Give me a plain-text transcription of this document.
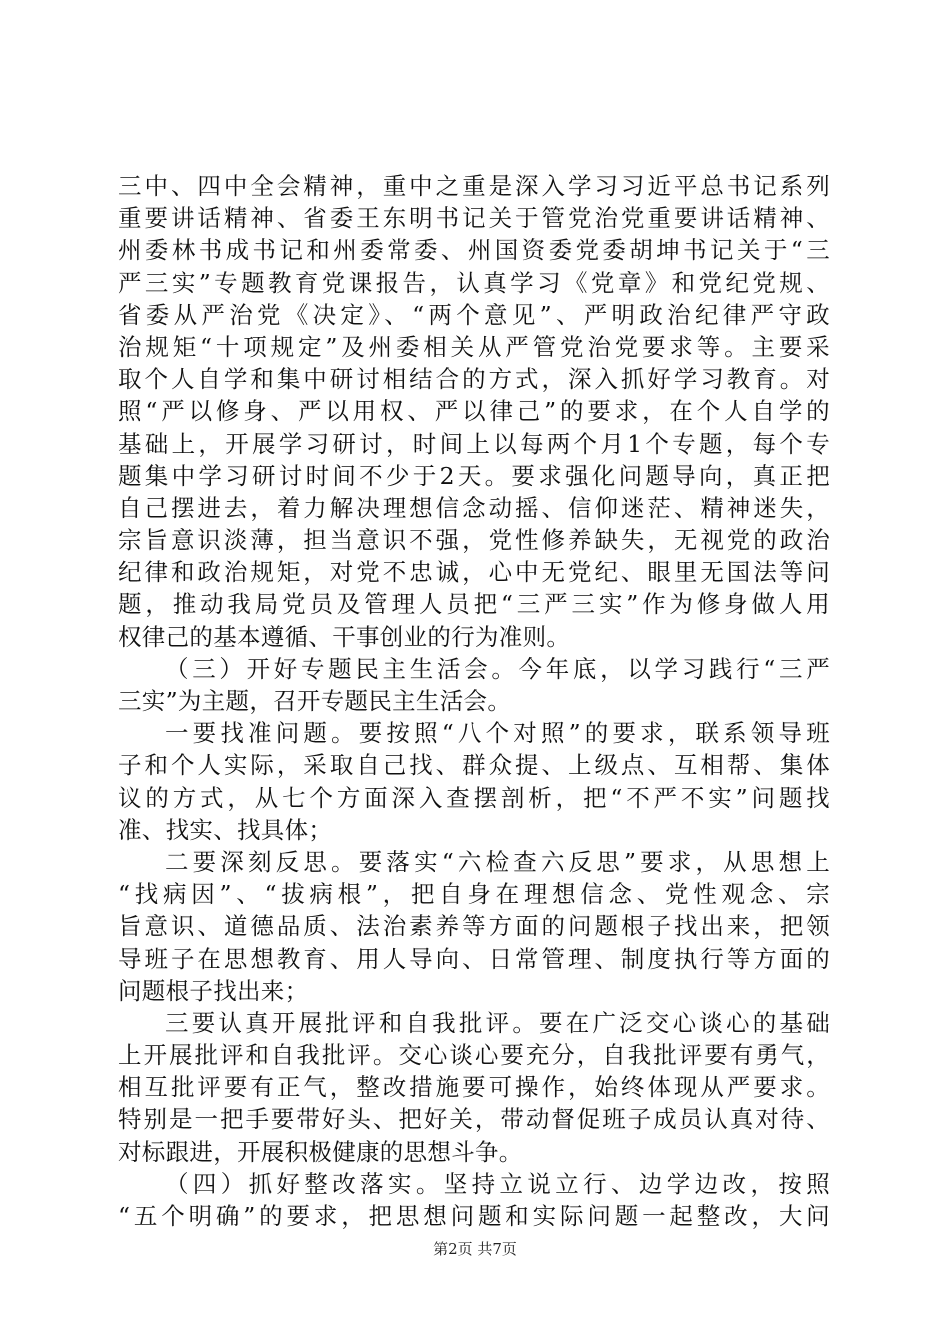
三中、四中全会精神，重中之重是深入学习习近平总书记系列
重要讲话精神、省委王东明书记关于管党治党重要讲话精神、
州委林书成书记和州委常委、州国资委党委胡坤书记关于“三
严三实”专题教育党课报告，认真学习《党章》和党纪党规、
省委从严治党《决定》、“两个意见”、严明政治纪律严守政
治规矩“十项规定”及州委相关从严管党治党要求等。主要采
取个人自学和集中研讨相结合的方式，深入抓好学习教育。对
照“严以修身、严以用权、严以律己”的要求，在个人自学的
基础上，开展学习研讨，时间上以每两个月1个专题，每个专
题集中学习研讨时间不少于2天。要求强化问题导向，真正把
自己摆进去，着力解决理想信念动摇、信仰迷茫、精神迷失，
宗旨意识淡薄，担当意识不强，党性修养缺失，无视党的政治
纪律和政治规矩，对党不忠诚，心中无党纪、眼里无国法等问
题，推动我局党员及管理人员把“三严三实”作为修身做人用
权律己的基本遵循、干事创业的行为准则。
（三）开好专题民主生活会。今年底，以学习践行“三严
三实”为主题，召开专题民主生活会。
一要找准问题。要按照“八个对照”的要求，联系领导班
子和个人实际，采取自己找、群众提、上级点、互相帮、集体
议的方式，从七个方面深入查摆剖析，把“不严不实”问题找
准、找实、找具体；
二要深刻反思。要落实“六检查六反思”要求，从思想上
“找病因”、“拔病根”，把自身在理想信念、党性观念、宗
旨意识、道德品质、法治素养等方面的问题根子找出来，把领
导班子在思想教育、用人导向、日常管理、制度执行等方面的
问题根子找出来；
三要认真开展批评和自我批评。要在广泛交心谈心的基础
上开展批评和自我批评。交心谈心要充分，自我批评要有勇气，
相互批评要有正气，整改措施要可操作，始终体现从严要求。
特别是一把手要带好头、把好关，带动督促班子成员认真对待、
对标跟进，开展积极健康的思想斗争。
（四）抓好整改落实。坚持立说立行、边学边改，按照
“五个明确”的要求，把思想问题和实际问题一起整改，大问
第2页 共7页
